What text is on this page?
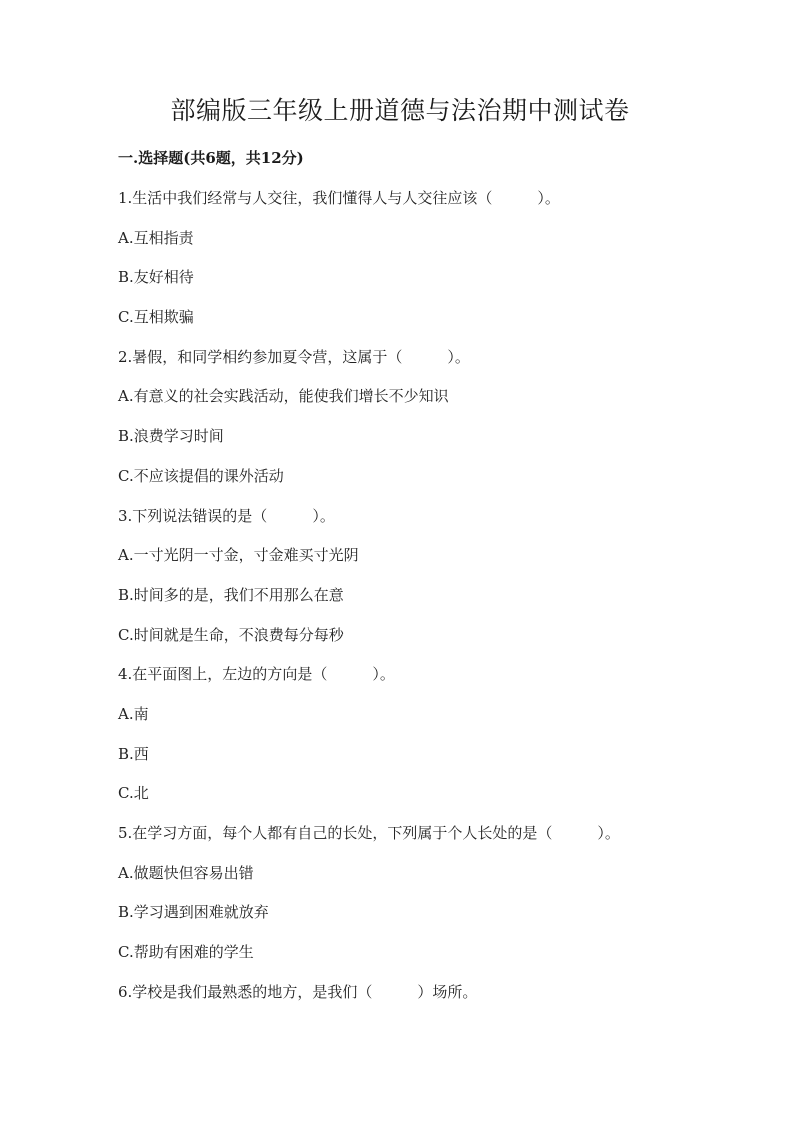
部编版三年级上册道德与法治期中测试卷
一.选择题(共6题，共12分)
1.生活中我们经常与人交往，我们懂得人与人交往应该（　　　）。
A.互相指责
B.友好相待
C.互相欺骗
2.暑假，和同学相约参加夏令营，这属于（　　　）。
A.有意义的社会实践活动，能使我们增长不少知识
B.浪费学习时间
C.不应该提倡的课外活动
3.下列说法错误的是（　　　）。
A.一寸光阴一寸金，寸金难买寸光阴
B.时间多的是，我们不用那么在意
C.时间就是生命，不浪费每分每秒
4.在平面图上，左边的方向是（　　　）。
A.南
B.西
C.北
5.在学习方面，每个人都有自己的长处，下列属于个人长处的是（　　　）。
A.做题快但容易出错
B.学习遇到困难就放弃
C.帮助有困难的学生
6.学校是我们最熟悉的地方，是我们（　　　）场所。
